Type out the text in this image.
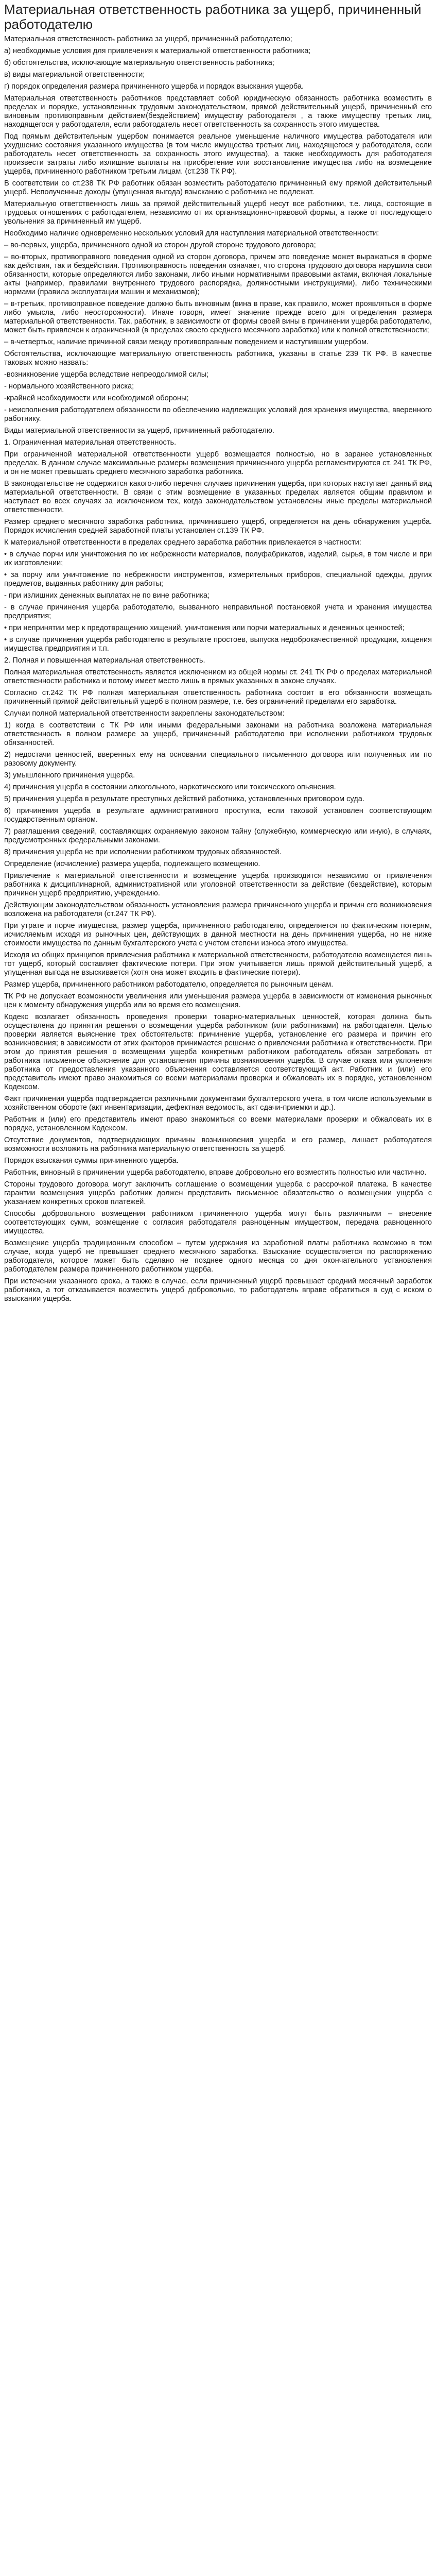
Материальная ответственность работника за ущерб, причиненный работодателю

Материальная ответственность работника за ущерб, причиненный работодателю;

а) необходимые условия для привлечения к материальной ответственности работника;

б) обстоятельства, исключающие материальную ответственность работника;

в) виды материальной ответственности;

г) порядок определения размера причиненного ущерба и порядок взыскания ущерба.

Материальная ответственность работников представляет собой юридическую обязанность работника возместить в пределах и порядке, установленных трудовым законодательством, прямой действительный ущерб, причиненный его виновным противоправным действием(бездействием) имуществу работодателя , а также имуществу третьих лиц, находящегося у работодателя, если работодатель несет ответственность за сохранность этого имущества.

Под прямым действительным ущербом понимается реальное уменьшение наличного имущества работодателя или ухудшение состояния указанного имущества (в том числе имущества третьих лиц, находящегося у работодателя, если работодатель несет ответственность за сохранность этого имущества), а также необходимость для работодателя произвести затраты либо излишние выплаты на приобретение или восстановление имущества либо на возмещение ущерба, причиненного работником третьим лицам. (ст.238 ТК РФ).

В соответствии со ст.238 ТК РФ работник обязан возместить работодателю причиненный ему прямой действительный ущерб. Неполученные доходы (упущенная выгода) взысканию с работника не подлежат.

Материальную ответственность лишь за прямой действительный ущерб несут все работники, т.е. лица, состоящие в трудовых отношениях с работодателем, независимо от их организационно-правовой формы, а также от последующего увольнения за причиненный им ущерб.

Необходимо наличие одновременно нескольких условий для наступления материальной ответственности:

– во-первых, ущерба, причиненного одной из сторон другой стороне трудового договора;

– во-вторых, противоправного поведения одной из сторон договора, причем это поведение может выражаться в форме как действия, так и бездействия. Противоправность поведения означает, что сторона трудового договора нарушила свои обязанности, которые определяются либо законами, либо иными нормативными правовыми актами, включая локальные акты (например, правилами внутреннего трудового распорядка, должностными инструкциями), либо техническими нормами (правила эксплуатации машин и механизмов);

– в-третьих, противоправное поведение должно быть виновным (вина в праве, как правило, может проявляться в форме либо умысла, либо неосторожности). Иначе говоря, имеет значение прежде всего для определения размера материальной ответственности. Так, работник, в зависимости от формы своей вины в причинении ущерба работодателю, может быть привлечен к ограниченной (в пределах своего среднего месячного заработка) или к полной ответственности;

– в-четвертых, наличие причинной связи между противоправным поведением и наступившим ущербом.

Обстоятельства, исключающие материальную ответственность работника, указаны в статье 239 ТК РФ. В качестве таковых можно назвать:

-возникновение ущерба вследствие непреодолимой силы;

- нормального хозяйственного риска;

-крайней необходимости или необходимой обороны;

- неисполнения работодателем обязанности по обеспечению надлежащих условий для хранения имущества, вверенного работнику.

Виды материальной ответственности за ущерб, причиненный работодателю.

1. Ограниченная материальная ответственность.

При ограниченной материальной ответственности ущерб возмещается полностью, но в заранее установленных пределах. В данном случае максимальные размеры возмещения причиненного ущерба регламентируются ст. 241 ТК РФ, и он не может превышать среднего месячного заработка работника.

В законодательстве не содержится какого-либо перечня случаев причинения ущерба, при которых наступает данный вид материальной ответственности. В связи с этим возмещение в указанных пределах является общим правилом и наступает во всех случаях за исключением тех, когда законодательством установлены иные пределы материальной ответственности.

Размер среднего месячного заработка работника, причинившего ущерб, определяется на день обнаружения ущерба. Порядок исчисления средней заработной платы установлен ст.139 ТК РФ.

К материальной ответственности в пределах среднего заработка работник привлекается в частности:

• в случае порчи или уничтожения по их небрежности материалов, полуфабрикатов, изделий, сырья, в том числе и при их изготовлении;

• за порчу или уничтожение по небрежности инструментов, измерительных приборов, специальной одежды, других предметов, выданных работнику для работы;

- при излишних денежных выплатах не по вине работника;

- в случае причинения ущерба работодателю, вызванного неправильной постановкой учета и хранения имущества предприятия;

• при непринятии мер к предотвращению хищений, уничтожения или порчи материальных и денежных ценностей;

• в случае причинения ущерба работодателю в результате простоев, выпуска недоброкачественной продукции, хищения имущества предприятия и т.п.

2. Полная и повышенная материальная ответственность.

Полная материальная ответственность является исключением из общей нормы ст. 241 ТК РФ о пределах материальной ответственности работника и потому имеет место лишь в прямых указанных в законе случаях.

Согласно ст.242 ТК РФ полная материальная ответственность работника состоит в его обязанности возмещать причиненный прямой действительный ущерб в полном размере, т.е. без ограничений пределами его заработка.

Случаи полной материальной ответственности закреплены законодательством:

1) когда в соответствии с ТК РФ или иными федеральными законами на работника возложена материальная ответственность в полном размере за ущерб, причиненный работодателю при исполнении работником трудовых обязанностей.

2) недостачи ценностей, вверенных ему на основании специального письменного договора или полученных им по разовому документу.

3) умышленного причинения ущерба.

4) причинения ущерба в состоянии алкогольного, наркотического или токсического опьянения.

5) причинения ущерба в результате преступных действий работника, установленных приговором суда.

6) причинения ущерба в результате административного проступка, если таковой установлен соответствующим государственным органом.

7) разглашения сведений, составляющих охраняемую законом тайну (служебную, коммерческую или иную), в случаях, предусмотренных федеральными законами.

8) причинения ущерба не при исполнении работником трудовых обязанностей.

Определение (исчисление) размера ущерба, подлежащего возмещению.

Привлечение к материальной ответственности и возмещение ущерба производится независимо от привлечения работника к дисциплинарной, административной или уголовной ответственности за действие (бездействие), которым причинен ущерб предприятию, учреждению.

Действующим законодательством обязанность установления размера причиненного ущерба и причин его возникновения возложена на работодателя (ст.247 ТК РФ).

При утрате и порче имущества, размер ущерба, причиненного работодателю, определяется по фактическим потерям, исчисляемым исходя из рыночных цен, действующих в данной местности на день причинения ущерба, но не ниже стоимости имущества по данным бухгалтерского учета с учетом степени износа этого имущества.

Исходя из общих принципов привлечения работника к материальной ответственности, работодателю возмещается лишь тот ущерб, который составляет фактические потери. При этом учитывается лишь прямой действительный ущерб, а упущенная выгода не взыскивается (хотя она может входить в фактические потери).

Размер ущерба, причиненного работником работодателю, определяется по рыночным ценам.

ТК РФ не допускает возможности увеличения или уменьшения размера ущерба в зависимости от изменения рыночных цен к моменту обнаружения ущерба или во время его возмещения.

Кодекс возлагает обязанность проведения проверки товарно-материальных ценностей, которая должна быть осуществлена до принятия решения о возмещении ущерба работником (или работниками) на работодателя. Целью проверки является выяснение трех обстоятельств: причинение ущерба, установление его размера и причин его возникновения; в зависимости от этих факторов принимается решение о привлечении работника к ответственности. При этом до принятия решения о возмещении ущерба конкретным работником работодатель обязан затребовать от работника письменное объяснение для установления причины возникновения ущерба. В случае отказа или уклонения работника от предоставления указанного объяснения составляется соответствующий акт. Работник и (или) его представитель имеют право знакомиться со всеми материалами проверки и обжаловать их в порядке, установленном Кодексом.

Факт причинения ущерба подтверждается различными документами бухгалтерского учета, в том числе используемыми в хозяйственном обороте (акт инвентаризации, дефектная ведомость, акт сдачи-приемки и др.).

Работник и (или) его представитель имеют право знакомиться со всеми материалами проверки и обжаловать их в порядке, установленном Кодексом.

Отсутствие документов, подтверждающих причины возникновения ущерба и его размер, лишает работодателя возможности возложить на работника материальную ответственность за ущерб.

Порядок взыскания суммы причиненного ущерба.

Работник, виновный в причинении ущерба работодателю, вправе добровольно его возместить полностью или частично.

Стороны трудового договора могут заключить соглашение о возмещении ущерба с рассрочкой платежа. В качестве гарантии возмещения ущерба работник должен представить письменное обязательство о возмещении ущерба с указанием конкретных сроков платежей.

Способы добровольного возмещения работником причиненного ущерба могут быть различными – внесение соответствующих сумм, возмещение с согласия работодателя равноценным имуществом, передача равноценного имущества.

Возмещение ущерба традиционным способом – путем удержания из заработной платы работника возможно в том случае, когда ущерб не превышает среднего месячного заработка. Взыскание осуществляется по распоряжению работодателя, которое может быть сделано не позднее одного месяца со дня окончательного установления работодателем размера причиненного работником ущерба.

При истечении указанного срока, а также в случае, если причиненный ущерб превышает средний месячный заработок работника, а тот отказывается возместить ущерб добровольно, то работодатель вправе обратиться в суд с иском о взыскании ущерба.
